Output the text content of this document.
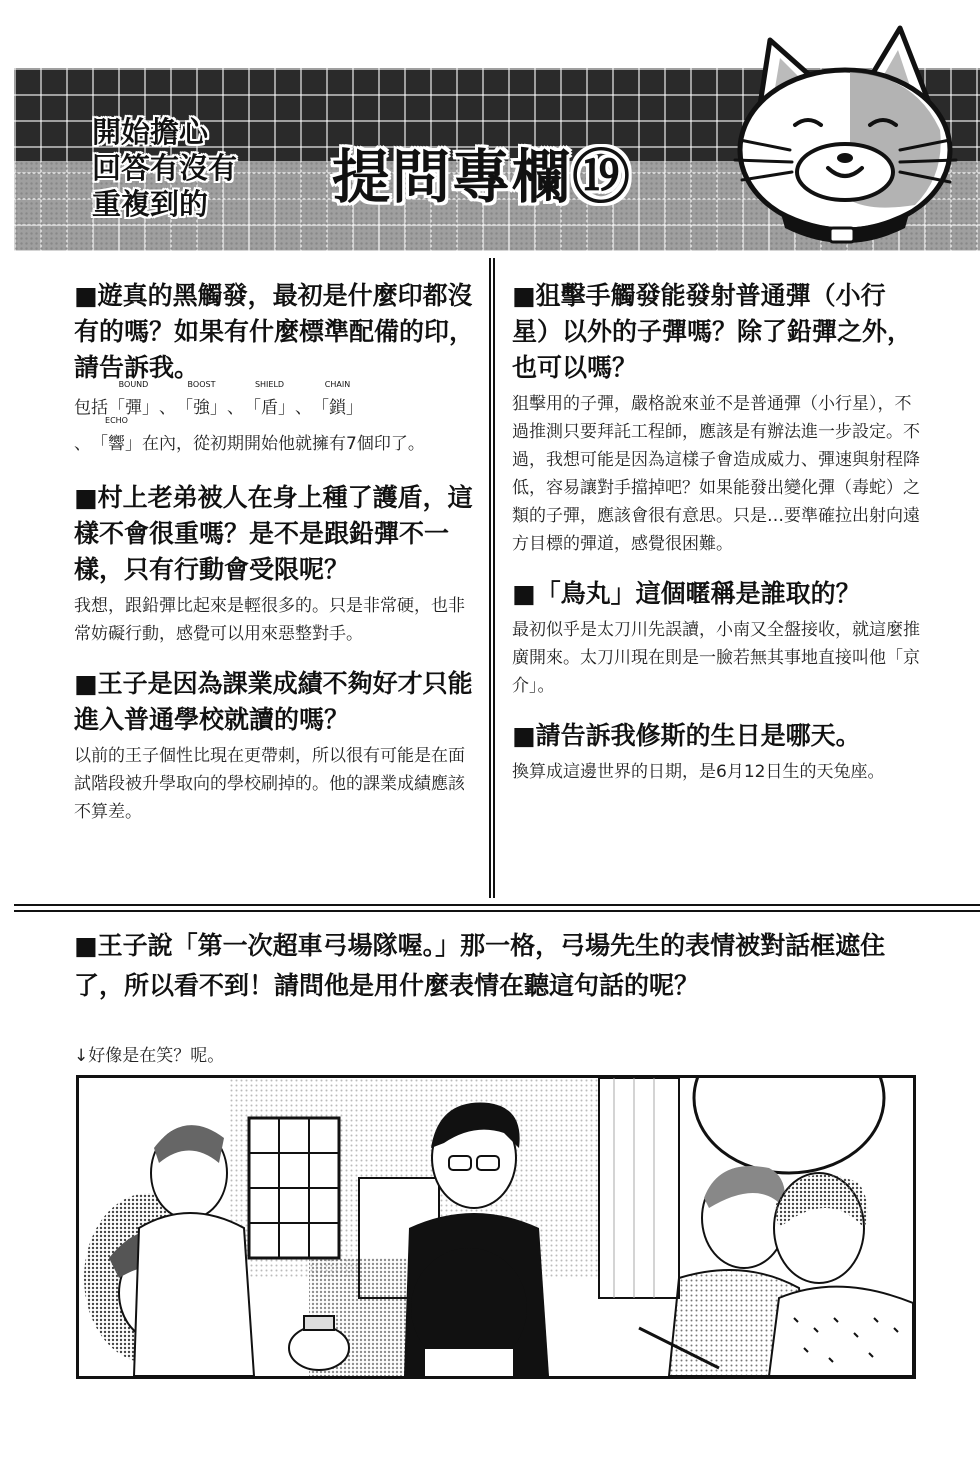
開始擔心
回答有沒有
重複到的	提問專欄⑲

■遊真的黑觸發，最初是什麼印都沒有的嗎？如果有什麼標準配備的印，請告訴我。

包括
BOUND
「彈」、
BOOST
「強」、
SHIELD
「盾」、
CHAIN
「鎖」
、
ECHO
「響」在內，從初期開始他就擁有7個印了。

■村上老弟被人在身上種了護盾，這樣不會很重嗎？是不是跟鉛彈不一樣，只有行動會受限呢？

我想，跟鉛彈比起來是輕很多的。只是非常硬，也非常妨礙行動，感覺可以用來惡整對手。

■王子是因為課業成績不夠好才只能進入普通學校就讀的嗎？

以前的王子個性比現在更帶刺，所以很有可能是在面試階段被升學取向的學校刷掉的。他的課業成績應該不算差。

■狙擊手觸發能發射普通彈（小行星）以外的子彈嗎？除了鉛彈之外，也可以嗎？

狙擊用的子彈，嚴格說來並不是普通彈（小行星），不過推測只要拜託工程師，應該是有辦法進一步設定。不過，我想可能是因為這樣子會造成威力、彈速與射程降低，容易讓對手擋掉吧？如果能發出變化彈（毒蛇）之類的子彈，應該會很有意思。只是…要準確拉出射向遠方目標的彈道，感覺很困難。

■「鳥丸」這個暱稱是誰取的？

最初似乎是太刀川先誤讀，小南又全盤接收，就這麼推廣開來。太刀川現在則是一臉若無其事地直接叫他「京介」。

■請告訴我修斯的生日是哪天。

換算成這邊世界的日期，是6月12日生的天兔座。

■王子說「第一次超車弓場隊喔。」那一格，弓場先生的表情被對話框遮住了，所以看不到！請問他是用什麼表情在聽這句話的呢？

↓好像是在笑？呢。
